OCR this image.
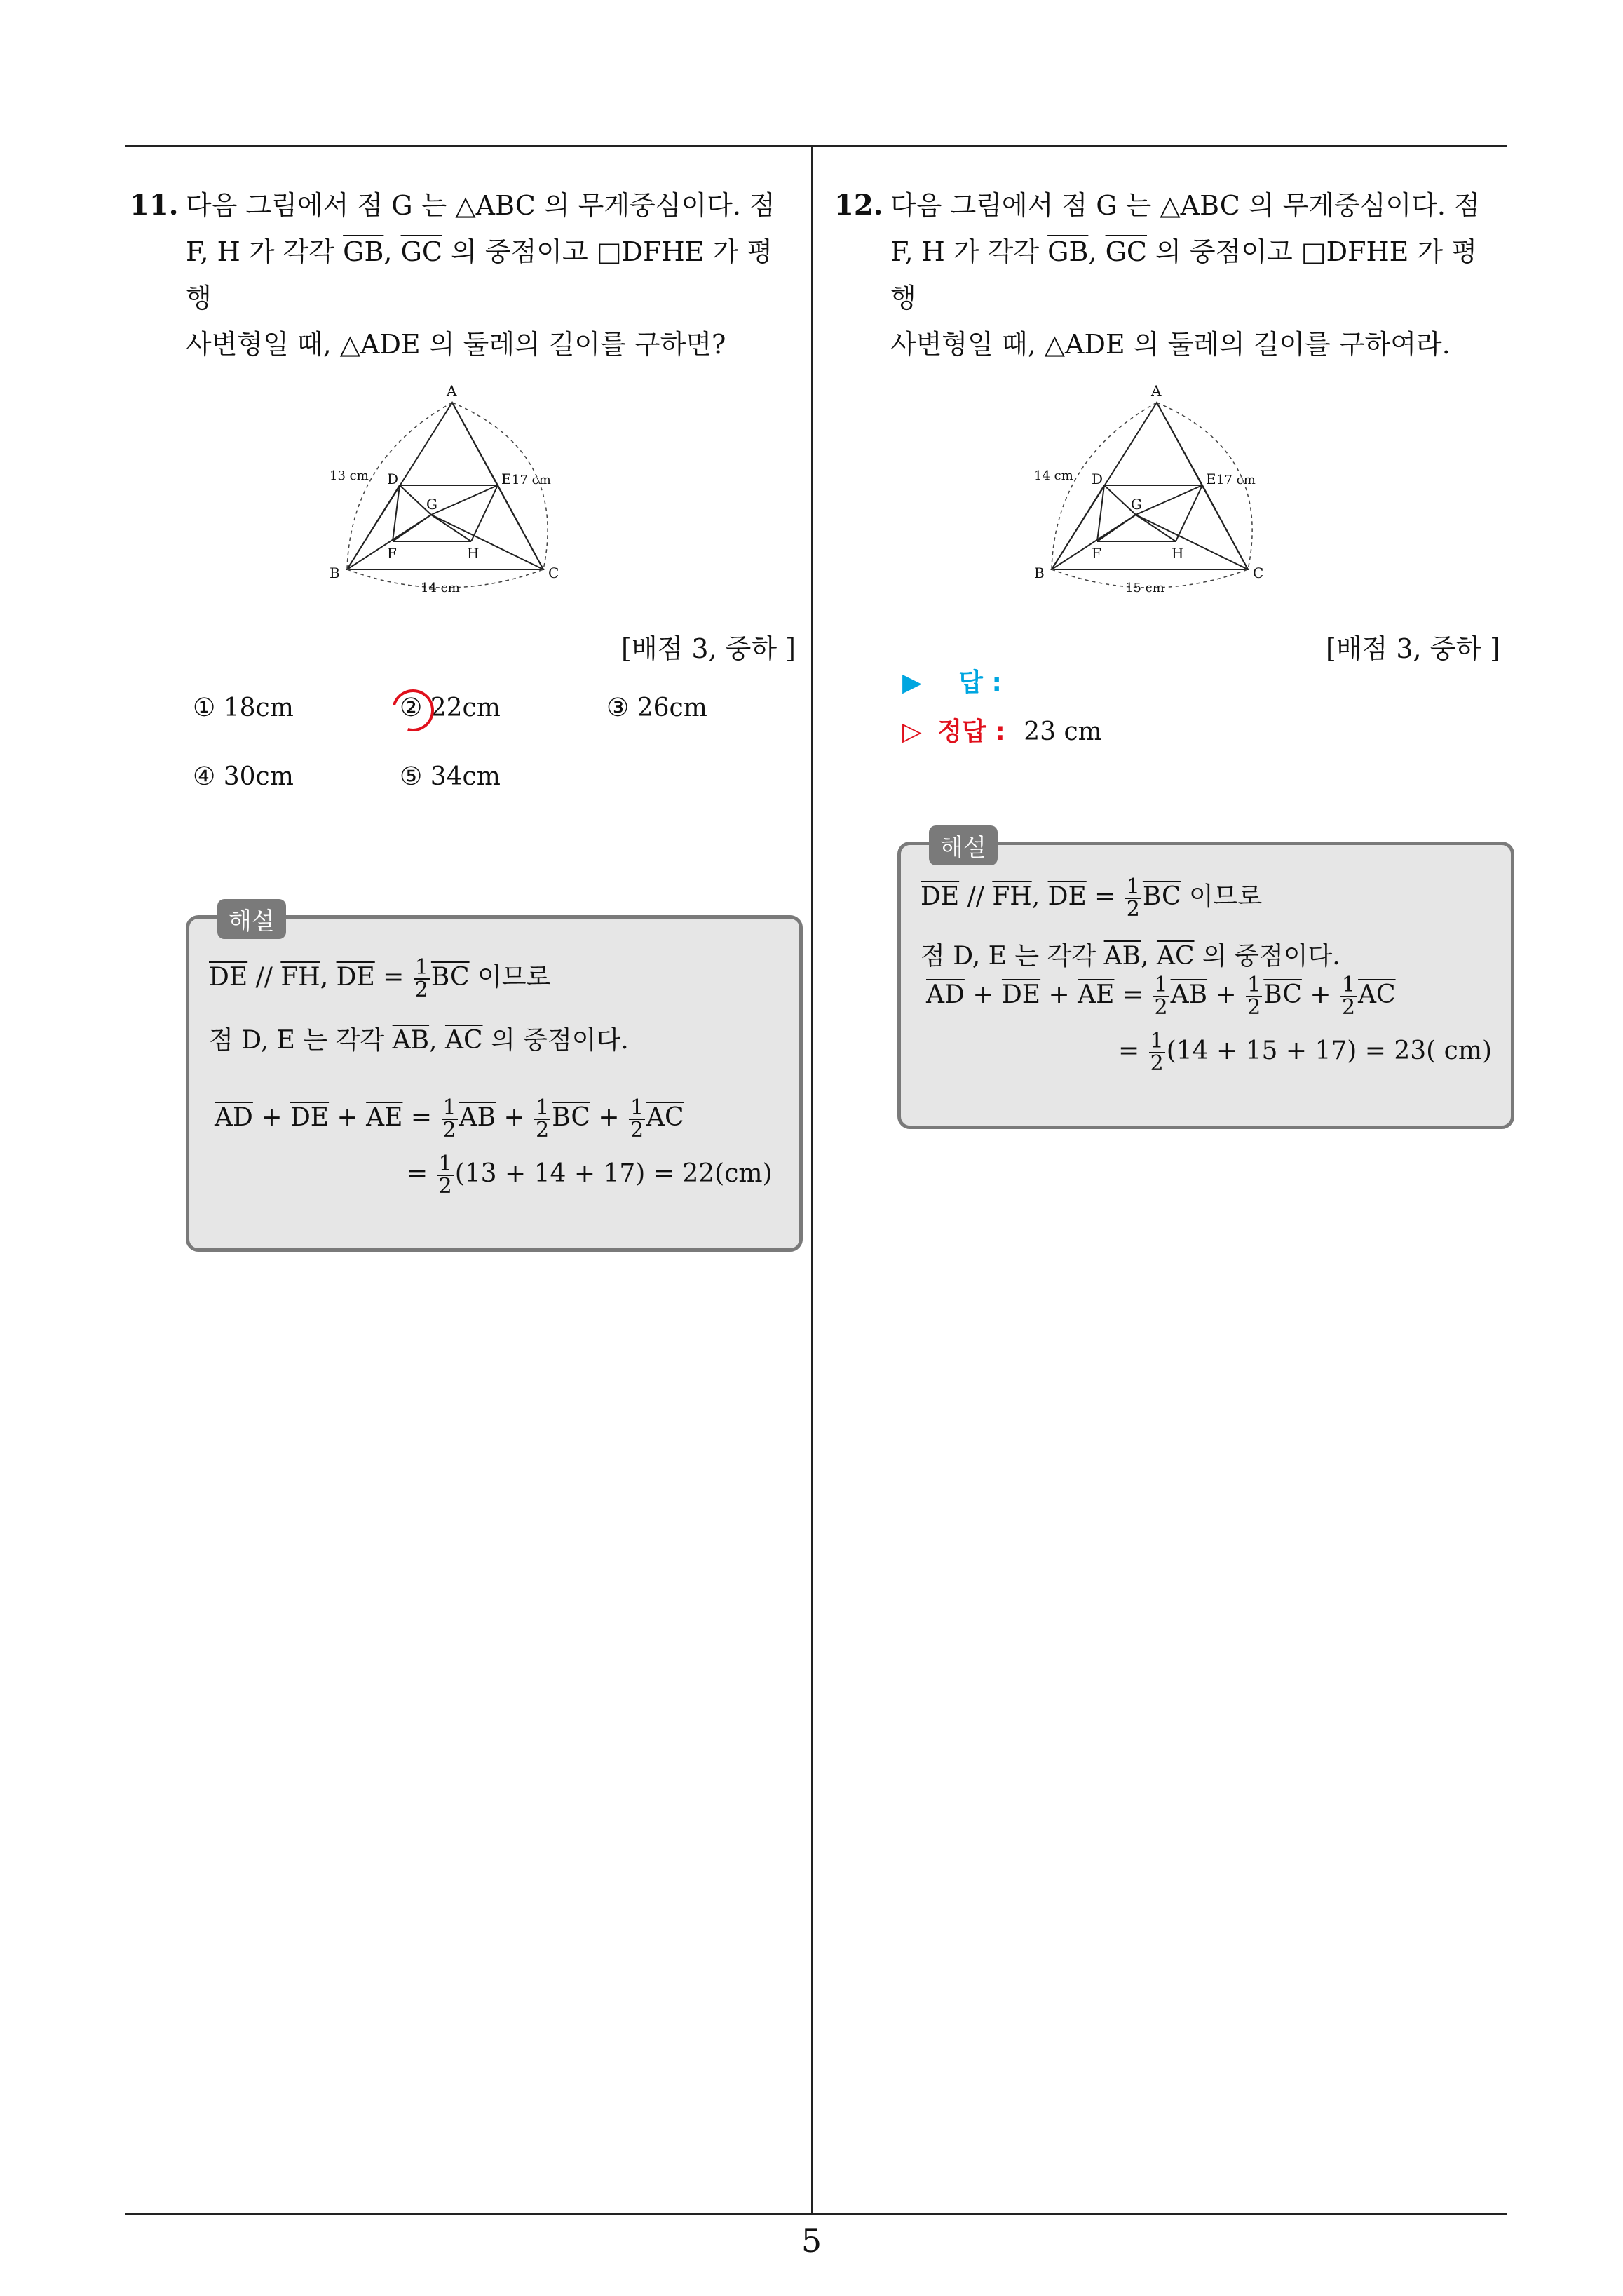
11. 다음 그림에서 점 G 는 △ABC 의 무게중심이다. 점
F, H 가 각각 $\overline{GB}$, $\overline{GC}$ 의 중점이고 □DFHE 가 평행
사변형일 때, △ADE 의 둘레의 길이를 구하면?
A
B	C
D	E
F
G
H
13 cm	17 cm
14 cm
[배점 3, 중하 ]
① 18cm	② 22cm	③ 26cm
④ 30cm	⑤ 34cm
해설
$\overline{DE} // \overline{FH}$, $\overline{DE} = \frac{1}{2} \overline{BC}$ 이므로
점 D, E 는 각각 $\overline{AB}$, $\overline{AC}$ 의 중점이다.
$\overline{AD} + \overline{DE} + \overline{AE} = \frac{1}{2} \overline{AB} + \frac{1}{2} \overline{BC} + \frac{1}{2} \overline{AC}$
= $\frac{1}{2} (13 + 14 + 17) = 22(cm)$
12. 다음 그림에서 점 G 는 △ABC 의 무게중심이다. 점
F, H 가 각각 $\overline{GB}$, $\overline{GC}$ 의 중점이고 □DFHE 가 평행
사변형일 때, △ADE 의 둘레의 길이를 구하여라.
A
B	C
D	E
F
G
H
14 cm	17 cm
15 cm
[배점 3, 중하 ]
▶ 답 :
▷ 정답 : 23 cm
해설
$\overline{DE} // \overline{FH}$, $\overline{DE} = \frac{1}{2} \overline{BC}$ 이므로
점 D, E 는 각각 $\overline{AB}$, $\overline{AC}$ 의 중점이다.
$\overline{AD} + \overline{DE} + \overline{AE} = \frac{1}{2} \overline{AB} + \frac{1}{2} \overline{BC} + \frac{1}{2} \overline{AC}$
= $\frac{1}{2} (14 + 15 + 17) = 23$( cm)
5
